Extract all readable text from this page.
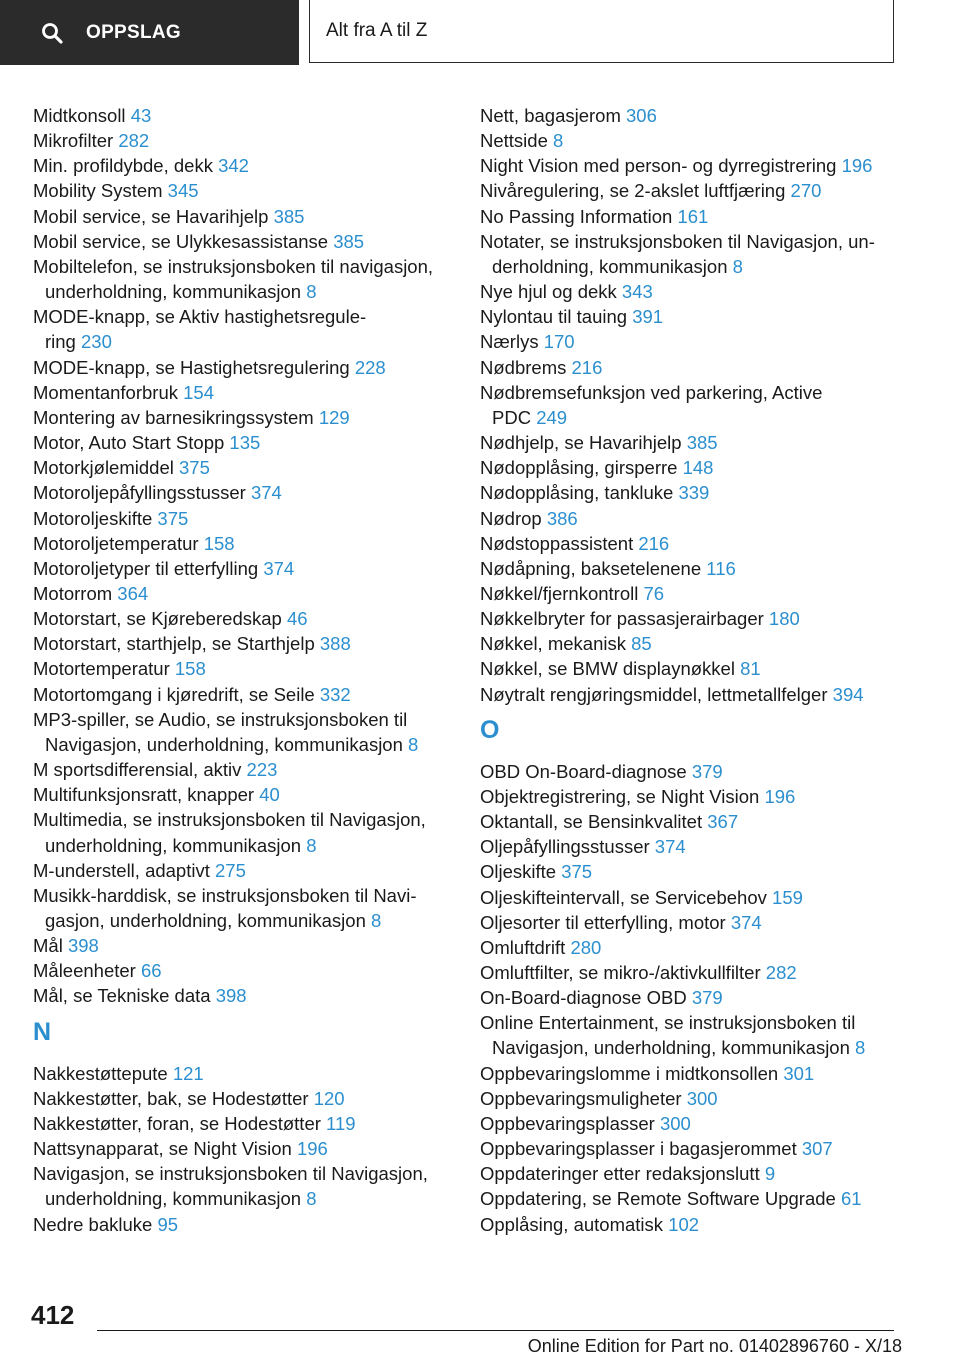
OPPSLAG	Alt fra A til Z
Midtkonsoll 43
Mikrofilter 282
Min. profildybde, dekk 342
Mobility System 345
Mobil service, se Havarihjelp 385
Mobil service, se Ulykkesassistanse 385
Mobiltelefon, se instruksjonsboken til navigasjon,
underholdning, kommunikasjon 8
MODE-knapp, se Aktiv hastighetsregule‐
ring 230
MODE-knapp, se Hastighetsregulering 228
Momentanforbruk 154
Montering av barnesikringssystem 129
Motor, Auto Start Stopp 135
Motorkjølemiddel 375
Motoroljepåfyllingsstusser 374
Motoroljeskifte 375
Motoroljetemperatur 158
Motoroljetyper til etterfylling 374
Motorrom 364
Motorstart, se Kjøreberedskap 46
Motorstart, starthjelp, se Starthjelp 388
Motortemperatur 158
Motortomgang i kjøredrift, se Seile 332
MP3-spiller, se Audio, se instruksjonsboken til
Navigasjon, underholdning, kommunikasjon 8
M sportsdifferensial, aktiv 223
Multifunksjonsratt, knapper 40
Multimedia, se instruksjonsboken til Navigasjon,
underholdning, kommunikasjon 8
M-understell, adaptivt 275
Musikk-harddisk, se instruksjonsboken til Navi‐
gasjon, underholdning, kommunikasjon 8
Mål 398
Måleenheter 66
Mål, se Tekniske data 398
N
Nakkestøttepute 121
Nakkestøtter, bak, se Hodestøtter 120
Nakkestøtter, foran, se Hodestøtter 119
Nattsynapparat, se Night Vision 196
Navigasjon, se instruksjonsboken til Navigasjon,
underholdning, kommunikasjon 8
Nedre bakluke 95
Nett, bagasjerom 306
Nettside 8
Night Vision med person- og dyrregistrering 196
Nivåregulering, se 2-akslet luftfjæring 270
No Passing Information 161
Notater, se instruksjonsboken til Navigasjon, un‐
derholdning, kommunikasjon 8
Nye hjul og dekk 343
Nylontau til tauing 391
Nærlys 170
Nødbrems 216
Nødbremsefunksjon ved parkering, Active
PDC 249
Nødhjelp, se Havarihjelp 385
Nødopplåsing, girsperre 148
Nødopplåsing, tankluke 339
Nødrop 386
Nødstoppassistent 216
Nødåpning, baksetelenene 116
Nøkkel/fjernkontroll 76
Nøkkelbryter for passasjerairbager 180
Nøkkel, mekanisk 85
Nøkkel, se BMW displaynøkkel 81
Nøytralt rengjøringsmiddel, lettmetallfelger 394
O
OBD On-Board-diagnose 379
Objektregistrering, se Night Vision 196
Oktantall, se Bensinkvalitet 367
Oljepåfyllingsstusser 374
Oljeskifte 375
Oljeskifteintervall, se Servicebehov 159
Oljesorter til etterfylling, motor 374
Omluftdrift 280
Omluftfilter, se mikro-/aktivkullfilter 282
On-Board-diagnose OBD 379
Online Entertainment, se instruksjonsboken til
Navigasjon, underholdning, kommunikasjon 8
Oppbevaringslomme i midtkonsollen 301
Oppbevaringsmuligheter 300
Oppbevaringsplasser 300
Oppbevaringsplasser i bagasjerommet 307
Oppdateringer etter redaksjonslutt 9
Oppdatering, se Remote Software Upgrade 61
Opplåsing, automatisk 102
412
Online Edition for Part no. 01402896760 - X/18
